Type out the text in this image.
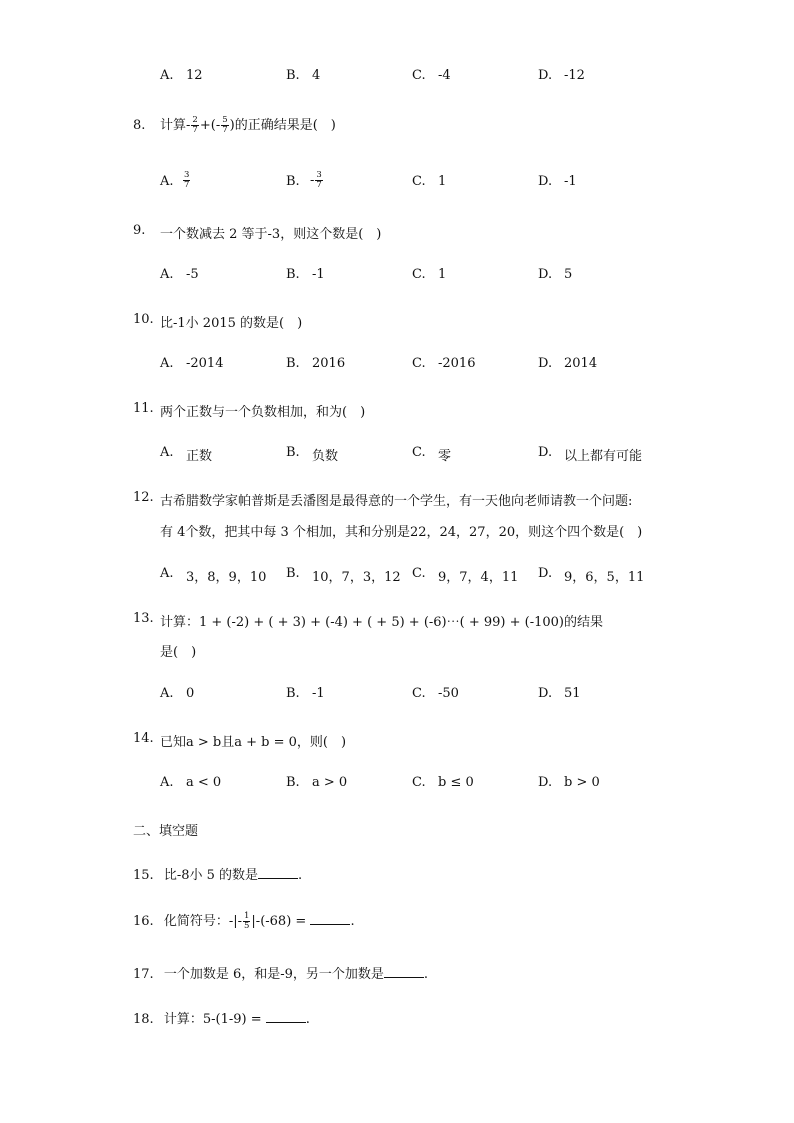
A. 12	B. 4	C. -4	D. -12
8. 计算- $\frac{2}{7}$ +(- $\frac{5}{7}$ )的正确结果是(　)
A. $\frac{3}{7}$	B. - $\frac{3}{7}$	C. 1	D. -1
9. 一个数减去 2 等于-3，则这个数是(　)
A. -5	B. -1	C. 1	D. 5
10. 比-1小 2015 的数是(　)
A. -2014	B. 2016	C. -2016	D. 2014
11. 两个正数与一个负数相加，和为(　)
A. 正数	B. 负数	C. 零	D. 以上都有可能
12. 古希腊数学家帕普斯是丢潘图是最得意的一个学生，有一天他向老师请教一个问题:
有 4个数，把其中每 3 个相加，其和分别是22，24，27，20，则这个四个数是(　)
A. 3，8，9，10 B. 10，7，3，12 C. 9，7，4，11 D. 9，6，5，11
13. 计算：1 + (-2) + ( + 3) + (-4) + ( + 5) + (-6)⋯( + 99) + (-100)的结果
是(　)
A. 0	B. -1	C. -50	D. 51
14. 已知a > b且a + b = 0，则(　)
A. a < 0	B. a > 0	C. b ≤ 0	D. b > 0
二、填空题
15. 比-8小 5 的数是	.
16. 化简符号：-|- $\frac{1}{5} |-(-68)$ =	.
17. 一个加数是 6，和是-9，另一个加数是	.
18. 计算：5-(1-9) =	.
